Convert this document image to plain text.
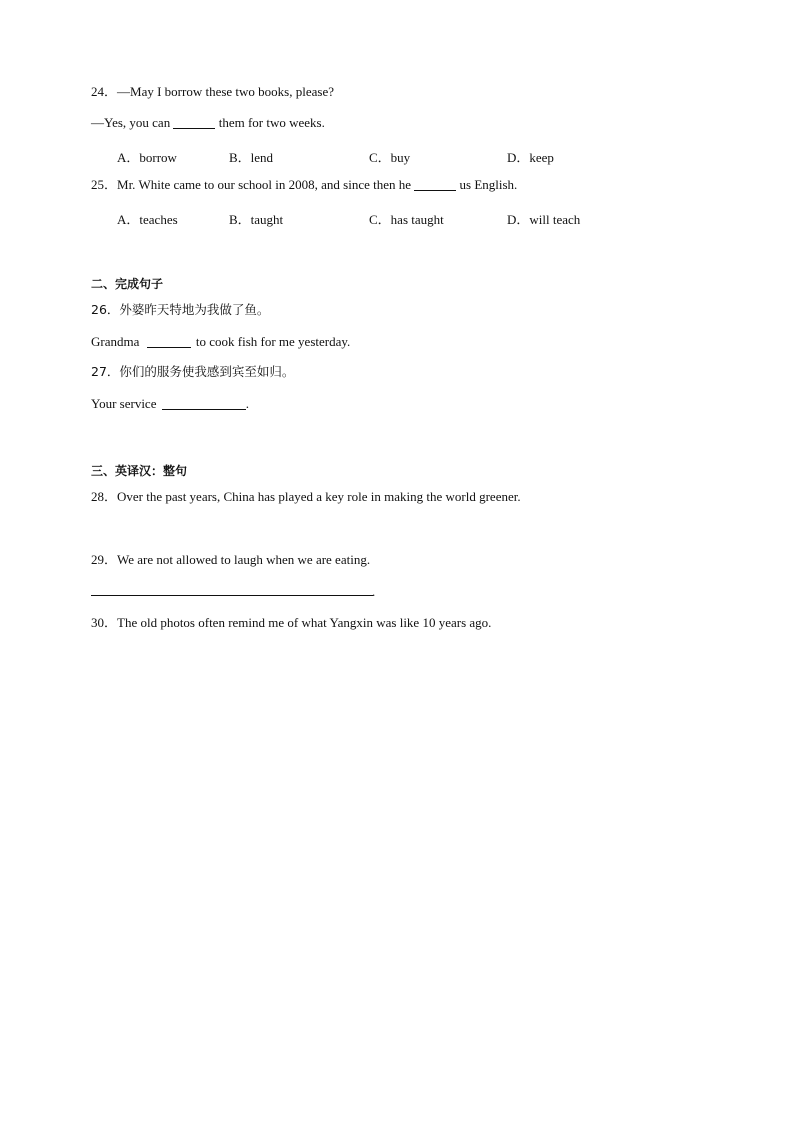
24．—May I borrow these two books, please?
—Yes, you can	them for two weeks.
A．borrow	B．lend	C．buy	D．keep
25．Mr. White came to our school in 2008, and since then he	us English.
A．teaches	B．taught	C．has taught	D．will teach
二、完成句子
26．外婆昨天特地为我做了鱼。
Grandma	to cook fish for me yesterday.
27．你们的服务使我感到宾至如归。
Your service	.
三、英译汉：整句
28．Over the past years, China has played a key role in making the world greener.
29．We are not allowed to laugh when we are eating.
.
30．The old photos often remind me of what Yangxin was like 10 years ago.
